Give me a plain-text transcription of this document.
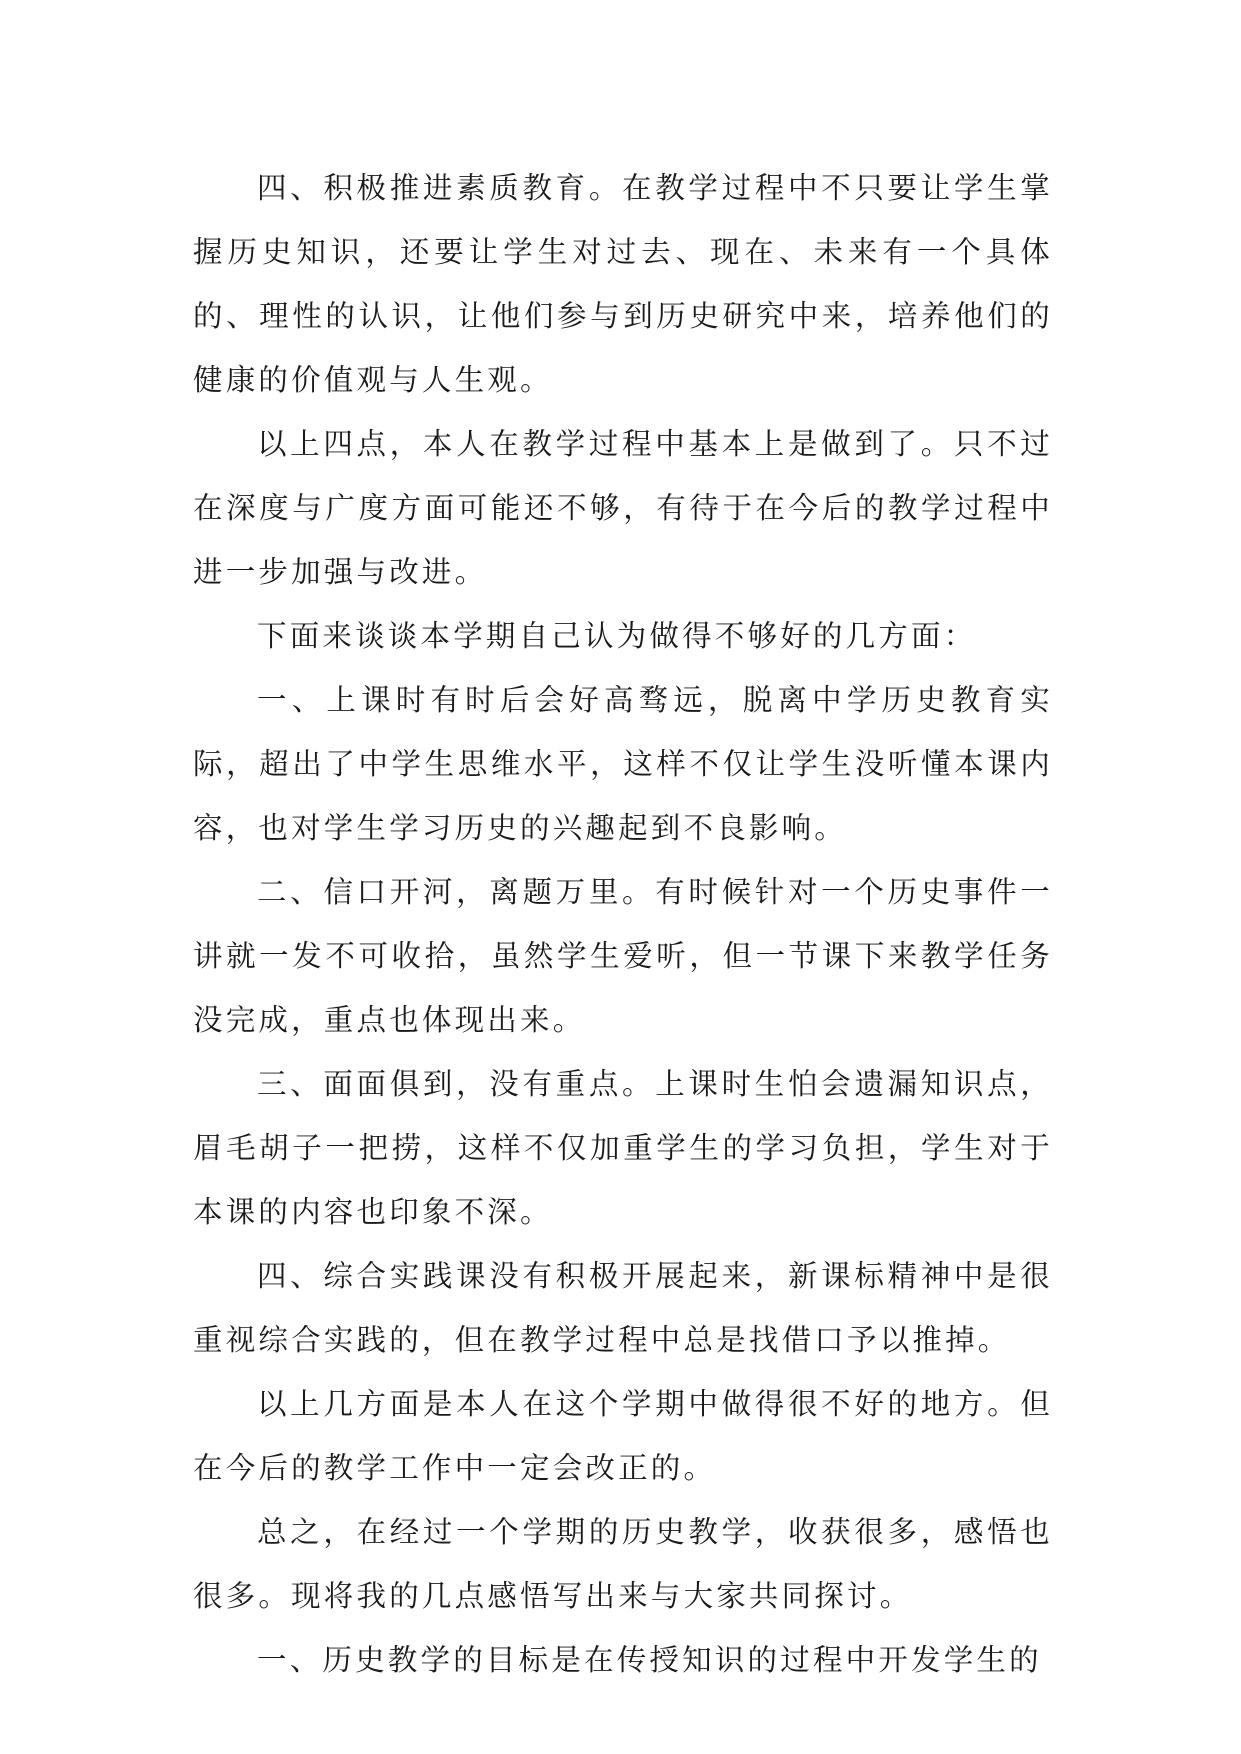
四、积极推进素质教育。在教学过程中不只要让学生掌握历史知识，还要让学生对过去、现在、未来有一个具体的、理性的认识，让他们参与到历史研究中来，培养他们的健康的价值观与人生观。

以上四点，本人在教学过程中基本上是做到了。只不过在深度与广度方面可能还不够，有待于在今后的教学过程中进一步加强与改进。

下面来谈谈本学期自己认为做得不够好的几方面：

一、上课时有时后会好高骛远，脱离中学历史教育实际，超出了中学生思维水平，这样不仅让学生没听懂本课内容，也对学生学习历史的兴趣起到不良影响。

二、信口开河，离题万里。有时候针对一个历史事件一讲就一发不可收拾，虽然学生爱听，但一节课下来教学任务没完成，重点也体现出来。

三、面面俱到，没有重点。上课时生怕会遗漏知识点，眉毛胡子一把捞，这样不仅加重学生的学习负担，学生对于本课的内容也印象不深。

四、综合实践课没有积极开展起来，新课标精神中是很重视综合实践的，但在教学过程中总是找借口予以推掉。

以上几方面是本人在这个学期中做得很不好的地方。但在今后的教学工作中一定会改正的。

总之，在经过一个学期的历史教学，收获很多，感悟也很多。现将我的几点感悟写出来与大家共同探讨。

一、历史教学的目标是在传授知识的过程中开发学生的
